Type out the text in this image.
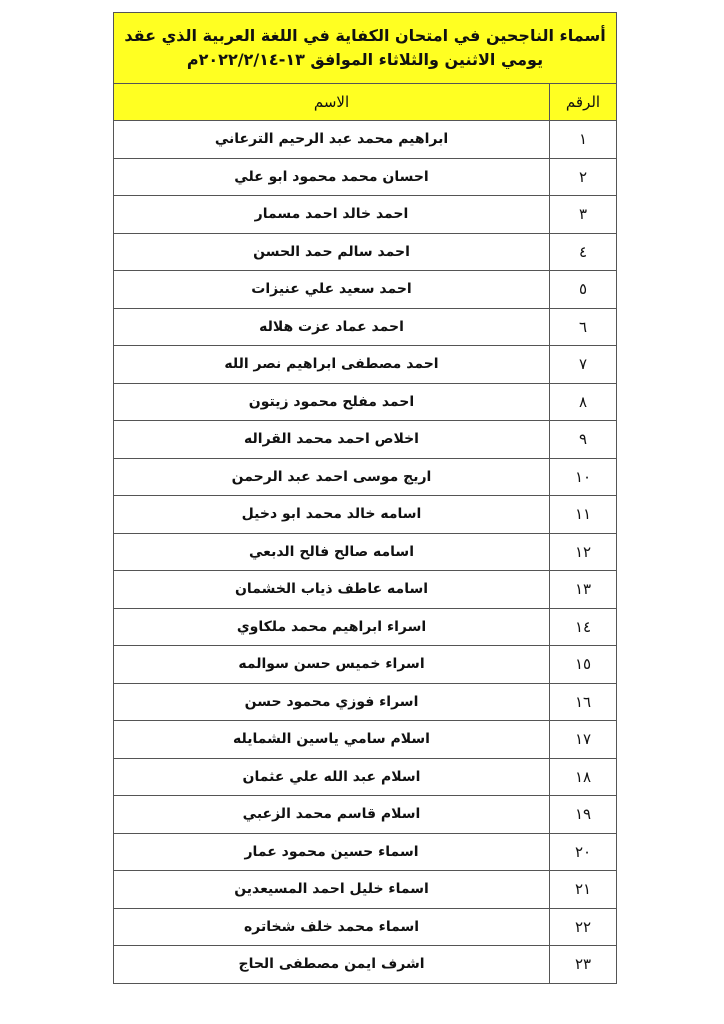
أسماء الناجحين في امتحان الكفاية في اللغة العربية الذي عقد
يومي الاثنين والثلاثاء الموافق ١٣-٢٠٢٢/٢/١٤م	

الرقم	الاسم
١	ابراهيم محمد عبد الرحيم الترعاني
٢	احسان محمد محمود ابو علي
٣	احمد خالد احمد مسمار
٤	احمد سالم حمد الحسن
٥	احمد سعيد علي عنيزات
٦	احمد عماد عزت هلاله
٧	احمد مصطفى ابراهيم نصر الله
٨	احمد مفلح محمود زيتون
٩	اخلاص احمد محمد القراله
١٠	اريج موسى احمد عبد الرحمن
١١	اسامه خالد محمد ابو دخيل
١٢	اسامه صالح فالح الدبعي
١٣	اسامه عاطف ذياب الخشمان
١٤	اسراء ابراهيم محمد ملكاوي
١٥	اسراء خميس حسن سوالمه
١٦	اسراء فوزي محمود حسن
١٧	اسلام سامي ياسين الشمايله
١٨	اسلام عبد الله علي عثمان
١٩	اسلام قاسم محمد الزعبي
٢٠	اسماء حسين محمود عمار
٢١	اسماء خليل احمد المسيعدين
٢٢	اسماء محمد خلف شخاتره
٢٣	اشرف ايمن مصطفى الحاج
